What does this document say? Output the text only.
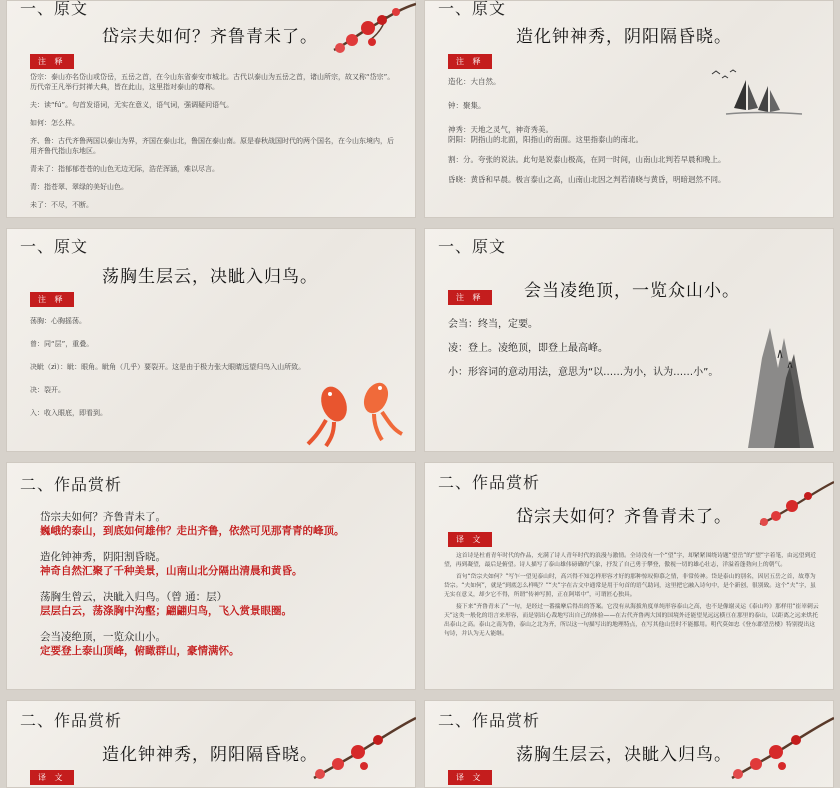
一、原文
岱宗夫如何？齐鲁青未了。
注 释

岱宗：泰山亦名岱山或岱岳，五岳之首，在今山东省泰安市城北。古代以泰山为五岳之首，诸山所宗，故又称“岱宗”。历代帝王凡举行封禅大典，皆在此山，这里指对泰山的尊称。

夫：读“fú”。句首发语词，无实在意义，语气词，强调疑问语气。

如何：怎么样。

齐、鲁：古代齐鲁两国以泰山为界，齐国在泰山北，鲁国在泰山南。原是春秋战国时代的两个国名，在今山东境内，后用齐鲁代指山东地区。

青未了：指郁郁苍苍的山色无边无际，浩茫浑涵，难以尽言。

青：指苍翠、翠绿的美好山色。

未了：不尽，不断。

一、原文
造化钟神秀，阴阳隔昏晓。
注 释

造化：大自然。

钟：聚集。

神秀：天地之灵气，神奇秀美。

阴阳：阴指山的北面，阳指山的南面。这里指泰山的南北。

割：分。夸张的说法。此句是说泰山极高，在同一时间，山南山北判若早晨和晚上。

昏晓：黄昏和早晨。极言泰山之高，山南山北因之判若清晓与黄昏，明暗迥然不同。

一、原文
荡胸生层云，决眦入归鸟。
注 释

荡胸：心胸摇荡。

曾：同“层”，重叠。

决眦（zì）：眦：眼角。眦角（几乎）要裂开。这是由于极力张大眼睛远望归鸟入山所致。

决：裂开。

入：收入眼底，即看到。

一、原文
会当凌绝顶，一览众山小。
注 释

会当：终当，定要。

凌：登上。凌绝顶，即登上最高峰。

小：形容词的意动用法，意思为“以……为小，认为……小”。

二、作品赏析
岱宗夫如何？齐鲁青未了。
巍峨的泰山，到底如何雄伟？走出齐鲁，依然可见那青青的峰顶。
造化钟神秀，阴阳割昏晓。
神奇自然汇聚了千种美景，山南山北分隔出清晨和黄昏。
荡胸生曾云，决眦入归鸟。（曾 通：层）
层层白云，荡涤胸中沟壑；翩翩归鸟，飞入赏景眼圈。
会当凌绝顶，一览众山小。
定要登上泰山顶峰，俯瞰群山，豪情满怀。
二、作品赏析
岱宗夫如何？齐鲁青未了。
译 文

这首诗是杜甫青年时代的作品，充满了诗人青年时代的浪漫与激情。全诗没有一个“望”字，却紧紧围绕诗题“望岳”的“望”字着笔，由远望到近望，再到凝望，最后是俯望。诗人描写了泰山雄伟磅礴的气象，抒发了自己勇于攀登，傲视一切的雄心壮志，洋溢着蓬勃向上的朝气。

首句“岱宗夫如何？”写乍一望见泰山时，高兴得不知怎样形容才好的那种惊叹仰慕之情，非常传神。岱是泰山的别名，因居五岳之首，故尊为岱宗。“夫如何”，就是“到底怎么样呢？”“夫”字在古文中通常是用于句首的语气助词，这里把它融入诗句中，是个新创，很别致。这个“夫”字，虽无实在意义，却少它不得，所谓“传神写照，正在阿堵中”，可谓匠心独具。

接下来“齐鲁青未了”一句，是经过一番揣摩后得出的答案。它没有从海拔角度单纯形容泰山之高，也不是像谢灵运《泰山吟》那样用“崔崒刺云天”这类一般化的语言来形容，而是别出心裁地写出自己的体验——在古代齐鲁两大国的国境外还能望见远远横亘在那里的泰山，以距离之远来烘托出泰山之高。泰山之南为鲁，泰山之北为齐，所以这一句描写出的地理特点，在写其他山岳时不能挪用。明代莫如忠《登东郡望岳楼》特别提出这句诗，并认为无人能继。

二、作品赏析
造化钟神秀，阴阳隔昏晓。
译 文
二、作品赏析
荡胸生层云，决眦入归鸟。
译 文
